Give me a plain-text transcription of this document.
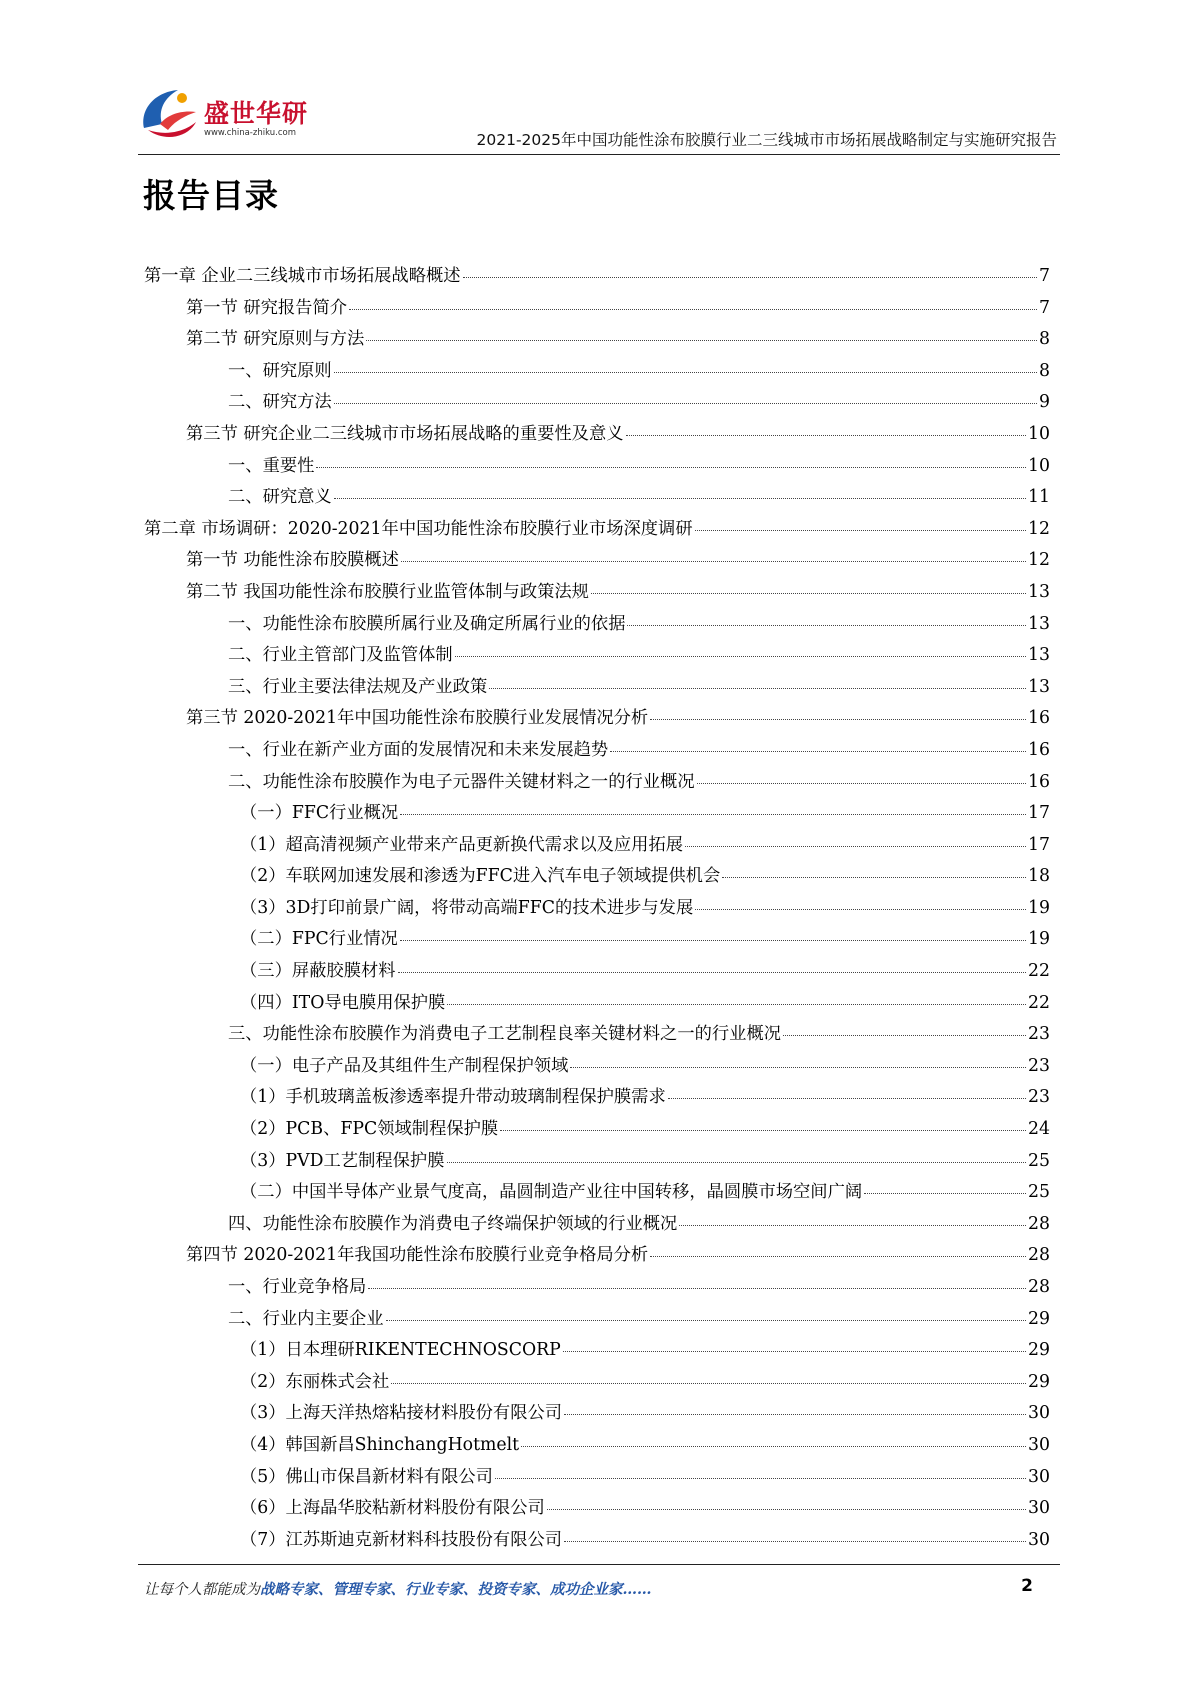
盛世华研
www.china-zhiku.com	2021-2025年中国功能性涂布胶膜行业二三线城市市场拓展战略制定与实施研究报告
报告目录
第一章 企业二三线城市市场拓展战略概述	7
第一节 研究报告简介	7
第二节 研究原则与方法	8
一、研究原则	8
二、研究方法	9
第三节 研究企业二三线城市市场拓展战略的重要性及意义	10
一、重要性	10
二、研究意义	11
第二章 市场调研：2020-2021年中国功能性涂布胶膜行业市场深度调研	12
第一节 功能性涂布胶膜概述	12
第二节 我国功能性涂布胶膜行业监管体制与政策法规	13
一、功能性涂布胶膜所属行业及确定所属行业的依据	13
二、行业主管部门及监管体制	13
三、行业主要法律法规及产业政策	13
第三节 2020-2021年中国功能性涂布胶膜行业发展情况分析	16
一、行业在新产业方面的发展情况和未来发展趋势	16
二、功能性涂布胶膜作为电子元器件关键材料之一的行业概况	16
（一）FFC行业概况	17
（1）超高清视频产业带来产品更新换代需求以及应用拓展	17
（2）车联网加速发展和渗透为FFC进入汽车电子领域提供机会	18
（3）3D打印前景广阔，将带动高端FFC的技术进步与发展	19
（二）FPC行业情况	19
（三）屏蔽胶膜材料	22
（四）ITO导电膜用保护膜	22
三、功能性涂布胶膜作为消费电子工艺制程良率关键材料之一的行业概况	23
（一）电子产品及其组件生产制程保护领域	23
（1）手机玻璃盖板渗透率提升带动玻璃制程保护膜需求	23
（2）PCB、FPC领域制程保护膜	24
（3）PVD工艺制程保护膜	25
（二）中国半导体产业景气度高，晶圆制造产业往中国转移，晶圆膜市场空间广阔	25
四、功能性涂布胶膜作为消费电子终端保护领域的行业概况	28
第四节 2020-2021年我国功能性涂布胶膜行业竞争格局分析	28
一、行业竞争格局	28
二、行业内主要企业	29
（1）日本理研RIKENTECHNOSCORP	29
（2）东丽株式会社	29
（3）上海天洋热熔粘接材料股份有限公司	30
（4）韩国新昌ShinchangHotmelt	30
（5）佛山市保昌新材料有限公司	30
（6）上海晶华胶粘新材料股份有限公司	30
（7）江苏斯迪克新材料科技股份有限公司	30
让每个人都能成为战略专家、管理专家、行业专家、投资专家、成功企业家……	2
